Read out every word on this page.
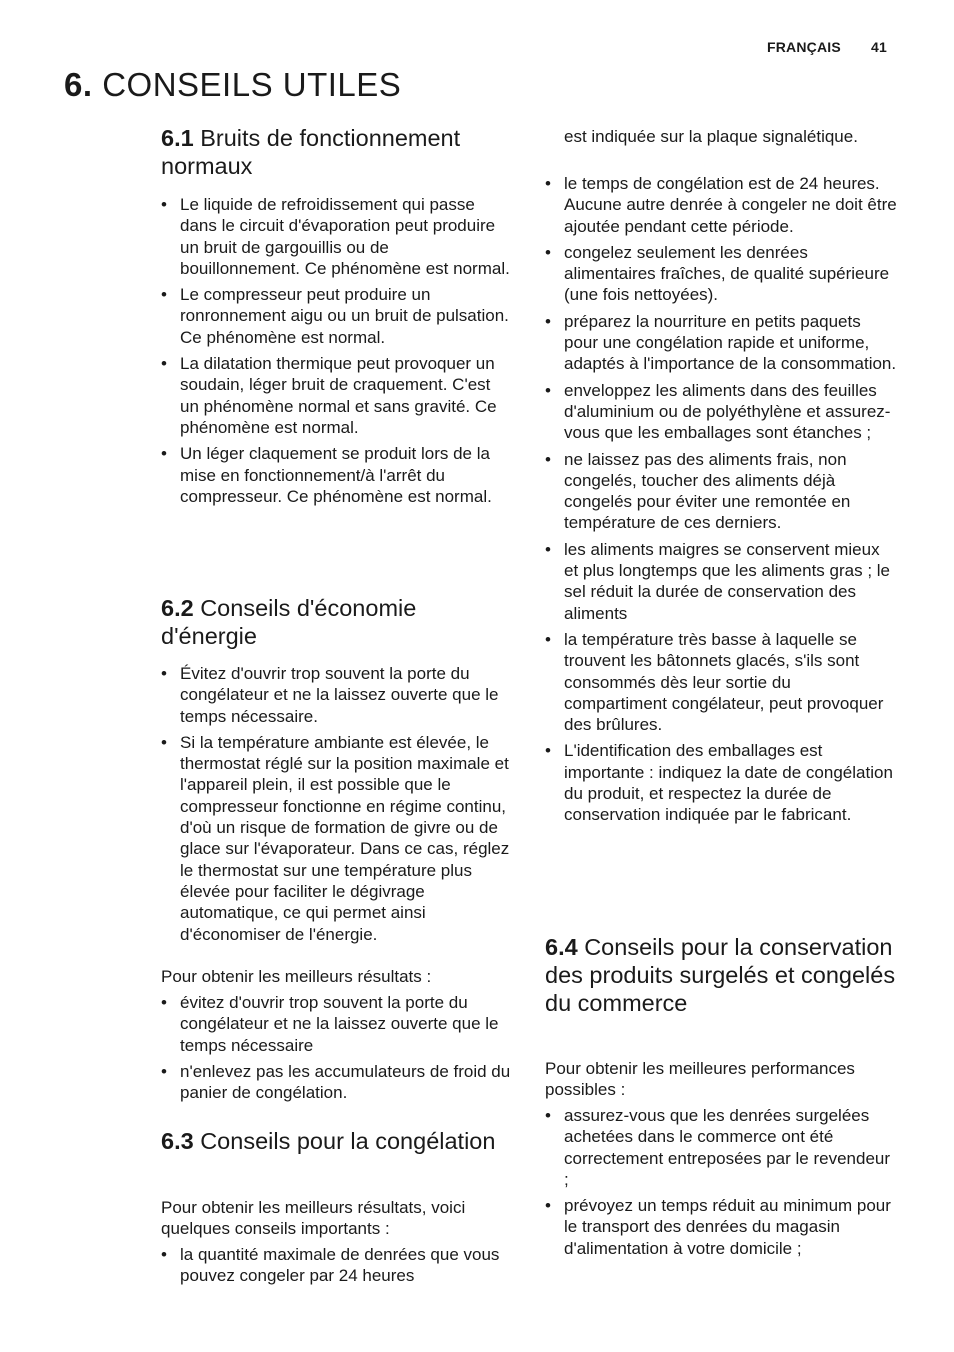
FRANÇAIS 41
6. CONSEILS UTILES
6.1 Bruits de fonctionnement normaux
• Le liquide de refroidissement qui passe dans le circuit d'évaporation peut produire un bruit de gargouillis ou de bouillonnement. Ce phénomène est normal.
• Le compresseur peut produire un ronronnement aigu ou un bruit de pulsation. Ce phénomène est normal.
• La dilatation thermique peut provoquer un soudain, léger bruit de craquement. C'est un phénomène normal et sans gravité. Ce phénomène est normal.
• Un léger claquement se produit lors de la mise en fonctionnement/à l'arrêt du compresseur. Ce phénomène est normal.
6.2 Conseils d'économie d'énergie
• Évitez d'ouvrir trop souvent la porte du congélateur et ne la laissez ouverte que le temps nécessaire.
• Si la température ambiante est élevée, le thermostat réglé sur la position maximale et l'appareil plein, il est possible que le compresseur fonctionne en régime continu, d'où un risque de formation de givre ou de glace sur l'évaporateur. Dans ce cas, réglez le thermostat sur une température plus élevée pour faciliter le dégivrage automatique, ce qui permet ainsi d'économiser de l'énergie.

Pour obtenir les meilleurs résultats :

• évitez d'ouvrir trop souvent la porte du congélateur et ne la laissez ouverte que le temps nécessaire
• n'enlevez pas les accumulateurs de froid du panier de congélation.
6.3 Conseils pour la congélation

Pour obtenir les meilleurs résultats, voici quelques conseils importants :

• la quantité maximale de denrées que vous pouvez congeler par 24 heures
est indiquée sur la plaque signalétique.
• le temps de congélation est de 24 heures. Aucune autre denrée à congeler ne doit être ajoutée pendant cette période.
• congelez seulement les denrées alimentaires fraîches, de qualité supérieure (une fois nettoyées).
• préparez la nourriture en petits paquets pour une congélation rapide et uniforme, adaptés à l'importance de la consommation.
• enveloppez les aliments dans des feuilles d'aluminium ou de polyéthylène et assurez-vous que les emballages sont étanches ;
• ne laissez pas des aliments frais, non congelés, toucher des aliments déjà congelés pour éviter une remontée en température de ces derniers.
• les aliments maigres se conservent mieux et plus longtemps que les aliments gras ; le sel réduit la durée de conservation des aliments
• la température très basse à laquelle se trouvent les bâtonnets glacés, s'ils sont consommés dès leur sortie du compartiment congélateur, peut provoquer des brûlures.
• L'identification des emballages est importante : indiquez la date de congélation du produit, et respectez la durée de conservation indiquée par le fabricant.
6.4 Conseils pour la conservation des produits surgelés et congelés du commerce

Pour obtenir les meilleures performances possibles :

• assurez-vous que les denrées surgelées achetées dans le commerce ont été correctement entreposées par le revendeur ;
• prévoyez un temps réduit au minimum pour le transport des denrées du magasin d'alimentation à votre domicile ;
